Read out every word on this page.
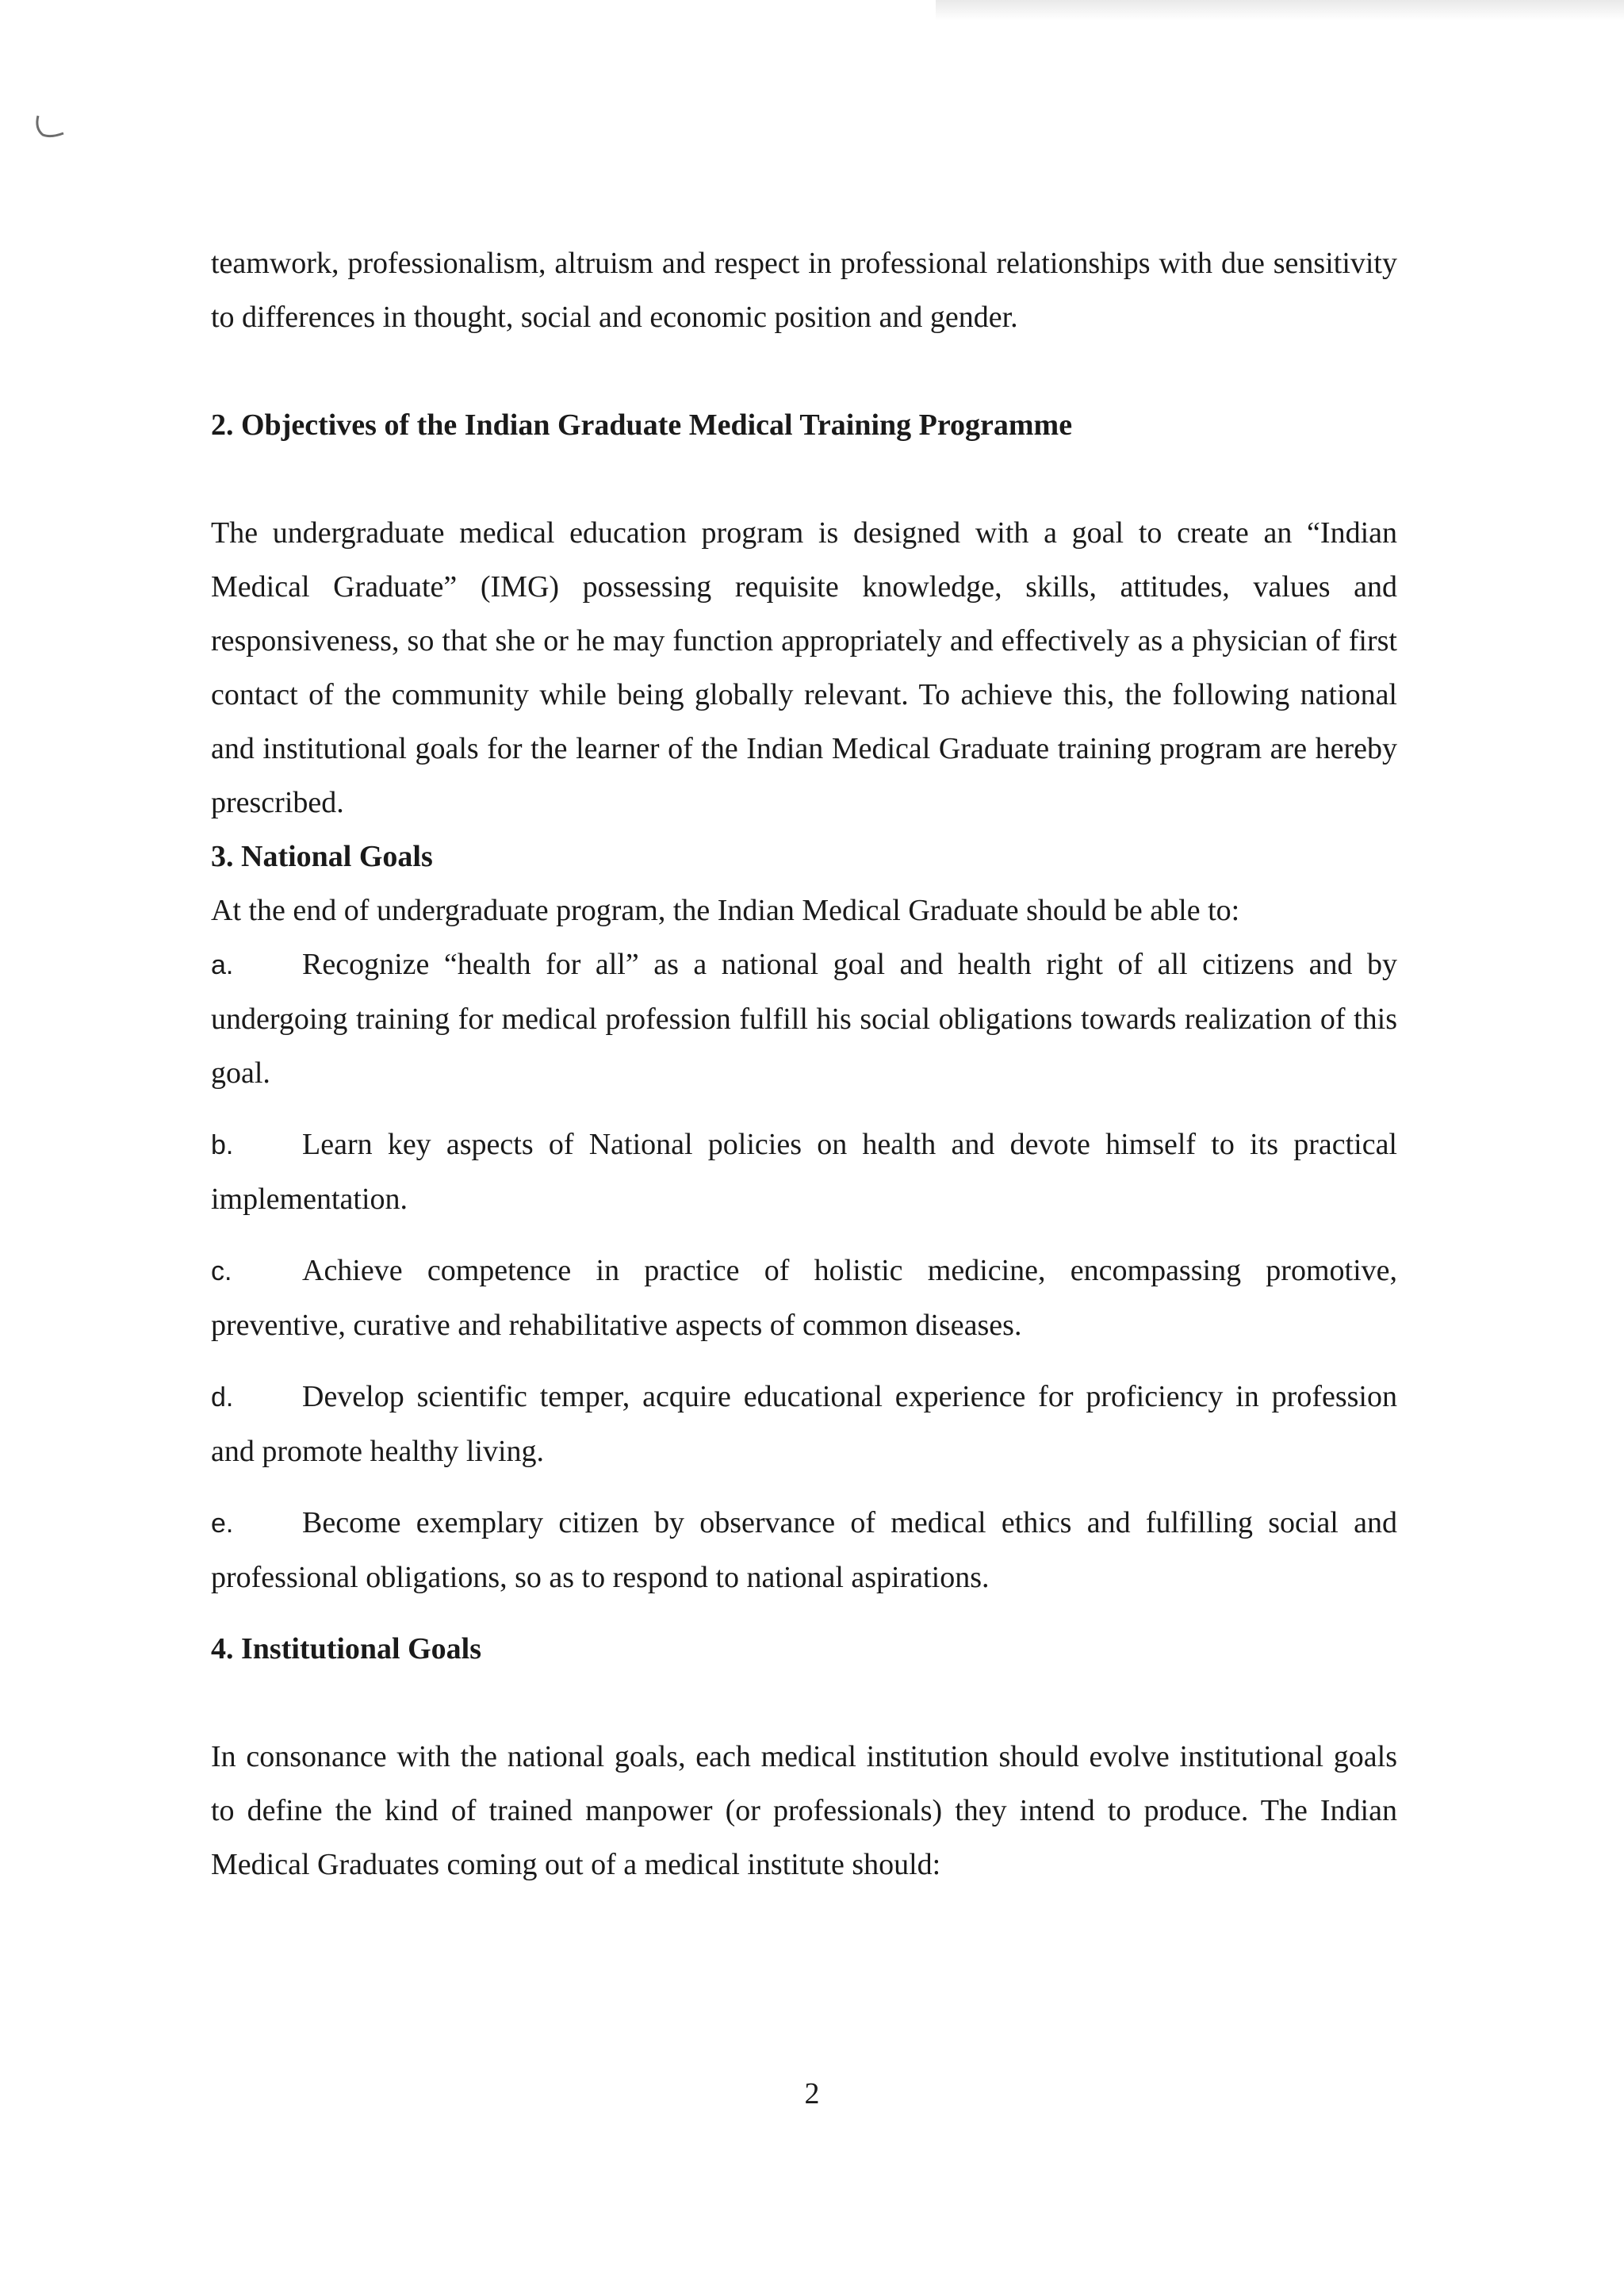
teamwork, professionalism, altruism and respect in professional relationships with due sensitivity to differences in thought, social and economic position and gender.

2. Objectives of the Indian Graduate Medical Training Programme

The undergraduate medical education program is designed with a goal to create an “Indian Medical Graduate” (IMG) possessing requisite knowledge, skills, attitudes, values and responsiveness, so that she or he may function appropriately and effectively as a physician of first contact of the community while being globally relevant. To achieve this, the following national and institutional goals for the learner of the Indian Medical Graduate training program are hereby prescribed.

3. National Goals

At the end of undergraduate program, the Indian Medical Graduate should be able to:

a. Recognize “health for all” as a national goal and health right of all citizens and by undergoing training for medical profession fulfill his social obligations towards realization of this goal.

b. Learn key aspects of National policies on health and devote himself to its practical implementation.

c. Achieve competence in practice of holistic medicine, encompassing promotive, preventive, curative and rehabilitative aspects of common diseases.

d. Develop scientific temper, acquire educational experience for proficiency in profession and promote healthy living.

e. Become exemplary citizen by observance of medical ethics and fulfilling social and professional obligations, so as to respond to national aspirations.

4. Institutional Goals

In consonance with the national goals, each medical institution should evolve institutional goals to define the kind of trained manpower (or professionals) they intend to produce. The Indian Medical Graduates coming out of a medical institute should:

2
